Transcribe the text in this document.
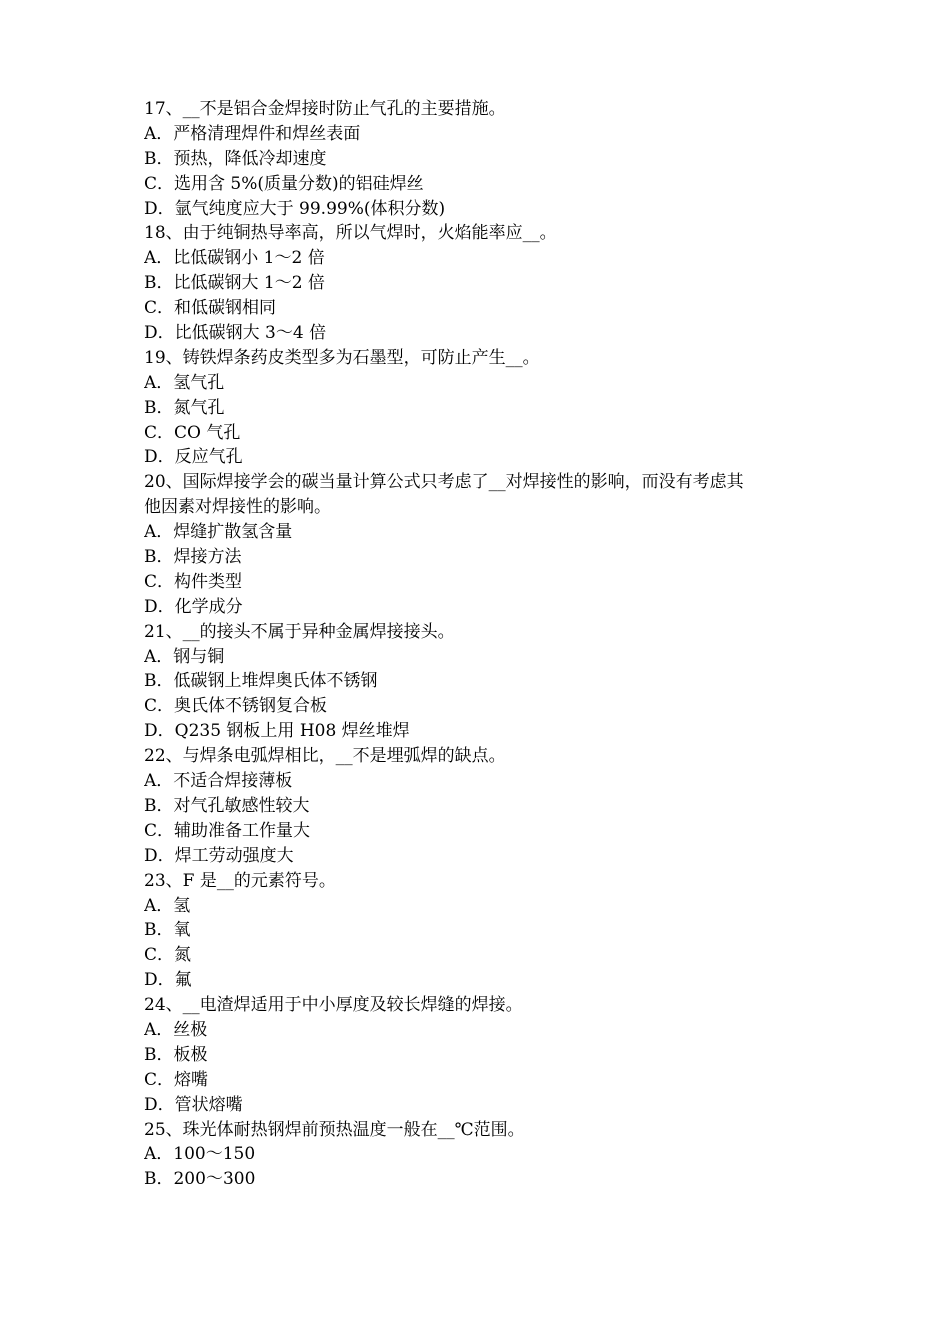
17、__不是铝合金焊接时防止气孔的主要措施。
A．严格清理焊件和焊丝表面
B．预热，降低冷却速度
C．选用含 5%(质量分数)的铝硅焊丝
D．氩气纯度应大于 99.99%(体积分数)
18、由于纯铜热导率高，所以气焊时，火焰能率应__。
A．比低碳钢小 1～2 倍
B．比低碳钢大 1～2 倍
C．和低碳钢相同
D．比低碳钢大 3～4 倍
19、铸铁焊条药皮类型多为石墨型，可防止产生__。
A．氢气孔
B．氮气孔
C．CO 气孔
D．反应气孔
20、国际焊接学会的碳当量计算公式只考虑了__对焊接性的影响，而没有考虑其
他因素对焊接性的影响。
A．焊缝扩散氢含量
B．焊接方法
C．构件类型
D．化学成分
21、__的接头不属于异种金属焊接接头。
A．钢与铜
B．低碳钢上堆焊奥氏体不锈钢
C．奥氏体不锈钢复合板
D．Q235 钢板上用 H08 焊丝堆焊
22、与焊条电弧焊相比，__不是埋弧焊的缺点。
A．不适合焊接薄板
B．对气孔敏感性较大
C．辅助准备工作量大
D．焊工劳动强度大
23、F 是__的元素符号。
A．氢
B．氧
C．氮
D．氟
24、__电渣焊适用于中小厚度及较长焊缝的焊接。
A．丝极
B．板极
C．熔嘴
D．管状熔嘴
25、珠光体耐热钢焊前预热温度一般在__℃范围。
A．100～150
B．200～300
